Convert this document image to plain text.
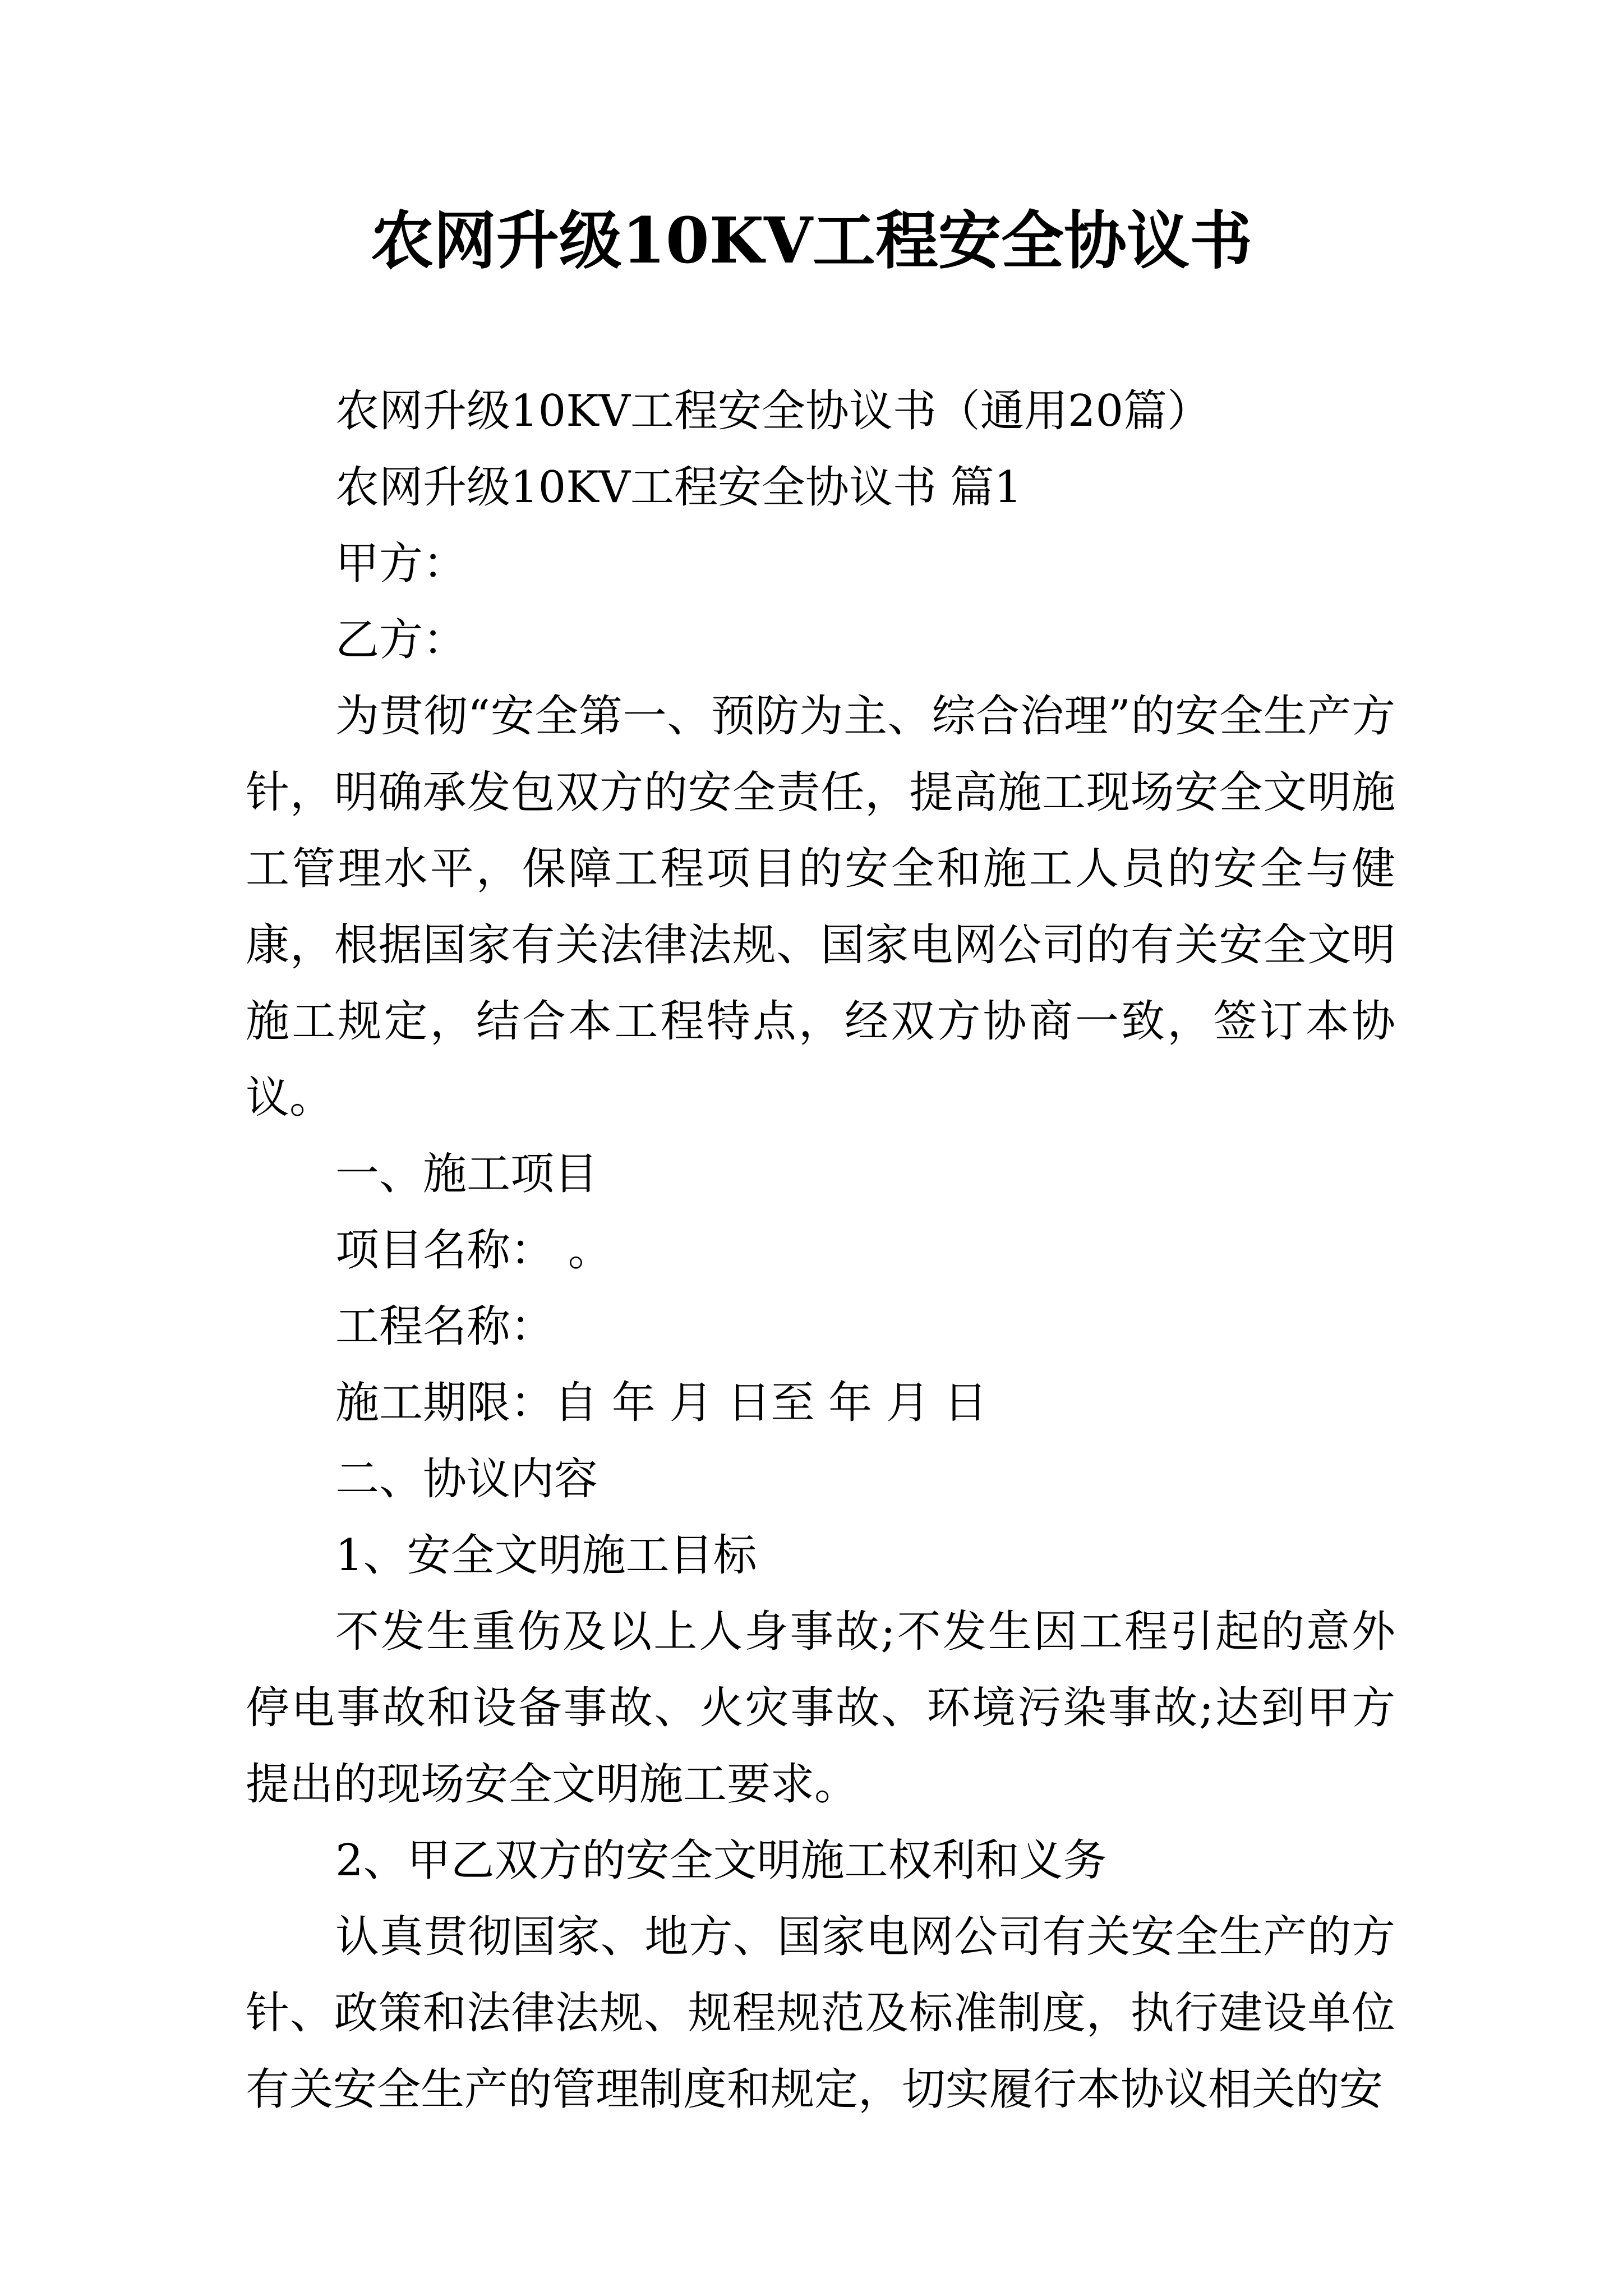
农网升级10KV工程安全协议书

农网升级10KV工程安全协议书（通用20篇）

农网升级10KV工程安全协议书 篇1

甲方：

乙方：

为贯彻“安全第一、预防为主、综合治理”的安全生产方针，明确承发包双方的安全责任，提高施工现场安全文明施工管理水平，保障工程项目的安全和施工人员的安全与健康，根据国家有关法律法规、国家电网公司的有关安全文明施工规定，结合本工程特点，经双方协商一致，签订本协议。

一、施工项目

项目名称： 。

工程名称：

施工期限：自 年 月 日至 年 月 日

二、协议内容

1、安全文明施工目标

不发生重伤及以上人身事故;不发生因工程引起的意外停电事故和设备事故、火灾事故、环境污染事故;达到甲方提出的现场安全文明施工要求。

2、甲乙双方的安全文明施工权利和义务

认真贯彻国家、地方、国家电网公司有关安全生产的方针、政策和法律法规、规程规范及标准制度，执行建设单位有关安全生产的管理制度和规定，切实履行本协议相关的安
